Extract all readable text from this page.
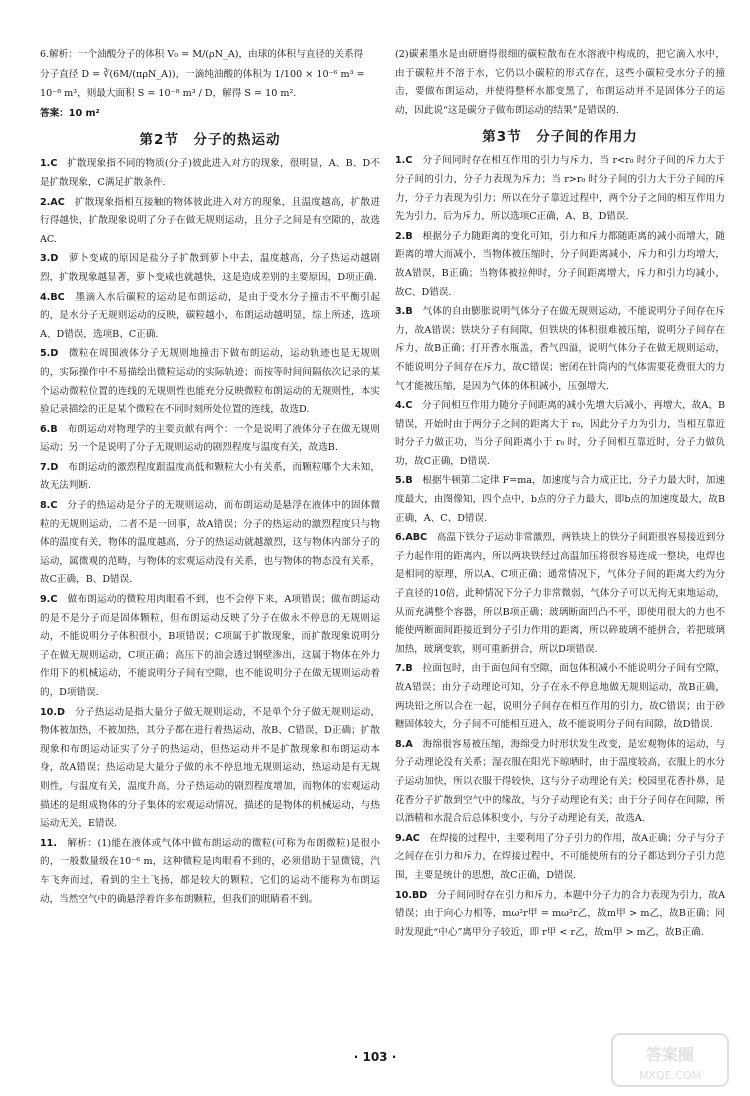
6.解析：一个油酸分子的体积 V₀ = M/(ρN_A)，由球的体积与直径的关系得

分子直径 D = ∛(6M/(πρN_A))，一滴纯油酸的体积为 1/100 × 10⁻⁶ m³ =

10⁻⁸ m³，则最大面积 S = 10⁻⁸ m³ / D，解得 S = 10 m².

答案：10 m²

第2节　分子的热运动

1.C　 扩散现象指不同的物质(分子)彼此进入对方的现象，很明显，A、B、D不是扩散现象，C满足扩散条件.

2.AC　 扩散现象指相互接触的物体彼此进入对方的现象，且温度越高，扩散进行得越快，扩散现象说明了分子在做无规则运动，且分子之间是有空隙的，故选AC.

3.D　 萝卜变咸的原因是盐分子扩散到萝卜中去，温度越高，分子热运动越剧烈，扩散现象越显著，萝卜变咸也就越快，这是造成差别的主要原因，D项正确.

4.BC　 墨滴入水后碳粒的运动是布朗运动，是由于受水分子撞击不平衡引起的，是水分子无规则运动的反映，碳粒越小，布朗运动越明显，综上所述，选项A、D错误，选项B、C正确.

5.D　 微粒在周围液体分子无规则地撞击下做布朗运动，运动轨迹也是无规则的，实际操作中不易描绘出微粒运动的实际轨迹；而按等时间间隔依次记录的某个运动微粒位置的连线的无规则性也能充分反映微粒布朗运动的无规则性，本实验记录描绘的正是某个微粒在不同时刻所处位置的连线，故选D.

6.B　 布朗运动对物理学的主要贡献有两个：一个是说明了液体分子在做无规则运动；另一个是说明了分子无规则运动的剧烈程度与温度有关，故选B.

7.D　 布朗运动的激烈程度跟温度高低和颗粒大小有关系，而颗粒哪个大未知，故无法判断.

8.C　 分子的热运动是分子的无规则运动，而布朗运动是悬浮在液体中的固体微粒的无规则运动，二者不是一回事，故A错误；分子的热运动的激烈程度只与物体的温度有关，物体的温度越高，分子的热运动就越激烈，这与物体内部分子的运动，属微观的范畴，与物体的宏观运动没有关系，也与物体的物态没有关系，故C正确，B、D错误.

9.C　 做布朗运动的微粒用肉眼看不到，也不会停下来，A项错误；做布朗运动的是不是分子而是固体颗粒，但布朗运动反映了分子在做永不停息的无规则运动，不能说明分子体积很小，B项错误；C项属于扩散现象，而扩散现象说明分子在做无规则运动，C项正确；高压下的油会透过钢壁渗出，这属于物体在外力作用下的机械运动，不能说明分子间有空隙，也不能说明分子在做无规则运动着的，D项错误.

10.D　 分子热运动是指大量分子做无规则运动，不是单个分子做无规则运动，物体被加热，不被加热，其分子都在进行着热运动，故B、C错误，D正确；扩散现象和布朗运动证实了分子的热运动，但热运动并不是扩散现象和布朗运动本身，故A错误；热运动是大量分子做的永不停息地无规则运动，热运动是有无规则性，与温度有关，温度升高，分子热运动的剧烈程度增加，而物体的宏观运动描述的是组成物体的分子集体的宏观运动情况，描述的是物体的机械运动，与热运动无关，E错误.

11.　 解析：(1)能在液体或气体中做布朗运动的微粒(可称为布朗微粒)是很小的，一般数量级在10⁻⁶ m，这种微粒是肉眼看不到的，必须借助于显微镜，汽车飞奔而过，看到的尘土飞扬，都是较大的颗粒，它们的运动不能称为布朗运动，当然空气中的确悬浮着许多布朗颗粒，但我们的眼睛看不到。

(2)碳素墨水是由研磨得很细的碳粒散布在水溶液中构成的，把它滴入水中，由于碳粒并不溶于水，它仍以小碳粒的形式存在，这些小碳粒受水分子的撞击，要做布朗运动，并使得整杯水都变黑了，布朗运动并不是固体分子的运动，因此说“这是碳分子做布朗运动的结果”是错误的.

第3节　分子间的作用力

1.C　 分子间同时存在相互作用的引力与斥力，当 r<r₀ 时分子间的斥力大于分子间的引力，分子力表现为斥力；当 r>r₀ 时分子间的引力大于分子间的斥力，分子力表现为引力；所以在分子靠近过程中，两个分子之间的相互作用力先为引力，后为斥力，所以选项C正确，A、B、D错误.

2.B　 根据分子力随距离的变化可知，引力和斥力都随距离的减小而增大，随距离的增大而减小，当物体被压缩时，分子间距离减小，斥力和引力均增大，故A错误，B正确；当物体被拉伸时，分子间距离增大，斥力和引力均减小，故C、D错误.

3.B　 气体的自由膨胀说明气体分子在做无规则运动，不能说明分子间存在斥力，故A错误；铁块分子有间隙，但铁块的体积很难被压缩，说明分子间存在斥力，故B正确；打开香水瓶盖，香气四溢，说明气体分子在做无规则运动，不能说明分子间存在斥力，故C错误；密闭在针筒内的气体需要花费很大的力气才能被压缩，是因为气体的体积减小，压强增大.

4.C　 分子间相互作用力随分子间距离的减小先增大后减小，再增大，故A、B错误，开始时由于两分子之间的距离大于 r₀，因此分子力为引力，当相互靠近时分子力做正功，当分子间距离小于 r₀ 时，分子间相互靠近时，分子力做负功，故C正确，D错误.

5.B　 根据牛顿第二定律 F=ma，加速度与合力成正比，分子力最大时，加速度最大，由图像知，四个点中，b点的分子力最大，即b点的加速度最大，故B正确，A、C、D错误.

6.ABC　 高温下铁分子运动非常激烈，两铁块上的铁分子间距很容易接近到分子力起作用的距离内，所以两块铁经过高温加压将很容易连成一整块，电焊也是相同的原理，所以A、C项正确；通常情况下，气体分子间的距离大约为分子直径的10倍，此种情况下分子力非常微弱，气体分子可以无拘无束地运动，从而充满整个容器，所以B项正确；玻璃断面凹凸不平，即使用很大的力也不能使两断面间距接近到分子引力作用的距离，所以碎玻璃不能拼合，若把玻璃加热，玻璃变软，则可重新拼合，所以D项错误.

7.B　 拉面包时，由于面包间有空隙，面包体积减小不能说明分子间有空隙，故A错误；由分子动理论可知，分子在永不停息地做无规则运动，故B正确，两块铅之所以合在一起，说明分子间存在相互作用的引力，故C错误；由于砂糖固体较大，分子间不可能相互进入，故不能说明分子间有间隙，故D错误.

8.A　 海绵很容易被压缩，海绵受力时形状发生改变，是宏观物体的运动，与分子动理论没有关系；湿衣服在阳光下晾晒时，由于温度较高，衣服上的水分子运动加快，所以衣服干得较快，这与分子动理论有关；校园里花香扑鼻，是花香分子扩散到空气中的缘故，与分子动理论有关；由于分子间存在间隙，所以酒精和水混合后总体积变小，与分子动理论有关，故选A.

9.AC　 在焊接的过程中，主要利用了分子引力的作用，故A正确；分子与分子之间存在引力和斥力，在焊接过程中，不可能使所有的分子都达到分子引力范围，主要是统计的思想，故C正确，D错误.

10.BD　 分子间同时存在引力和斥力，本题中分子力的合力表现为引力，故A错误；由于向心力相等，mω²r甲 = mω²r乙，故m甲 > m乙，故B正确；同时发现此“中心”离甲分子较近，即 r甲 < r乙，故m甲 > m乙，故B正确.

· 103 ·	答案圈
MXQE.COM
